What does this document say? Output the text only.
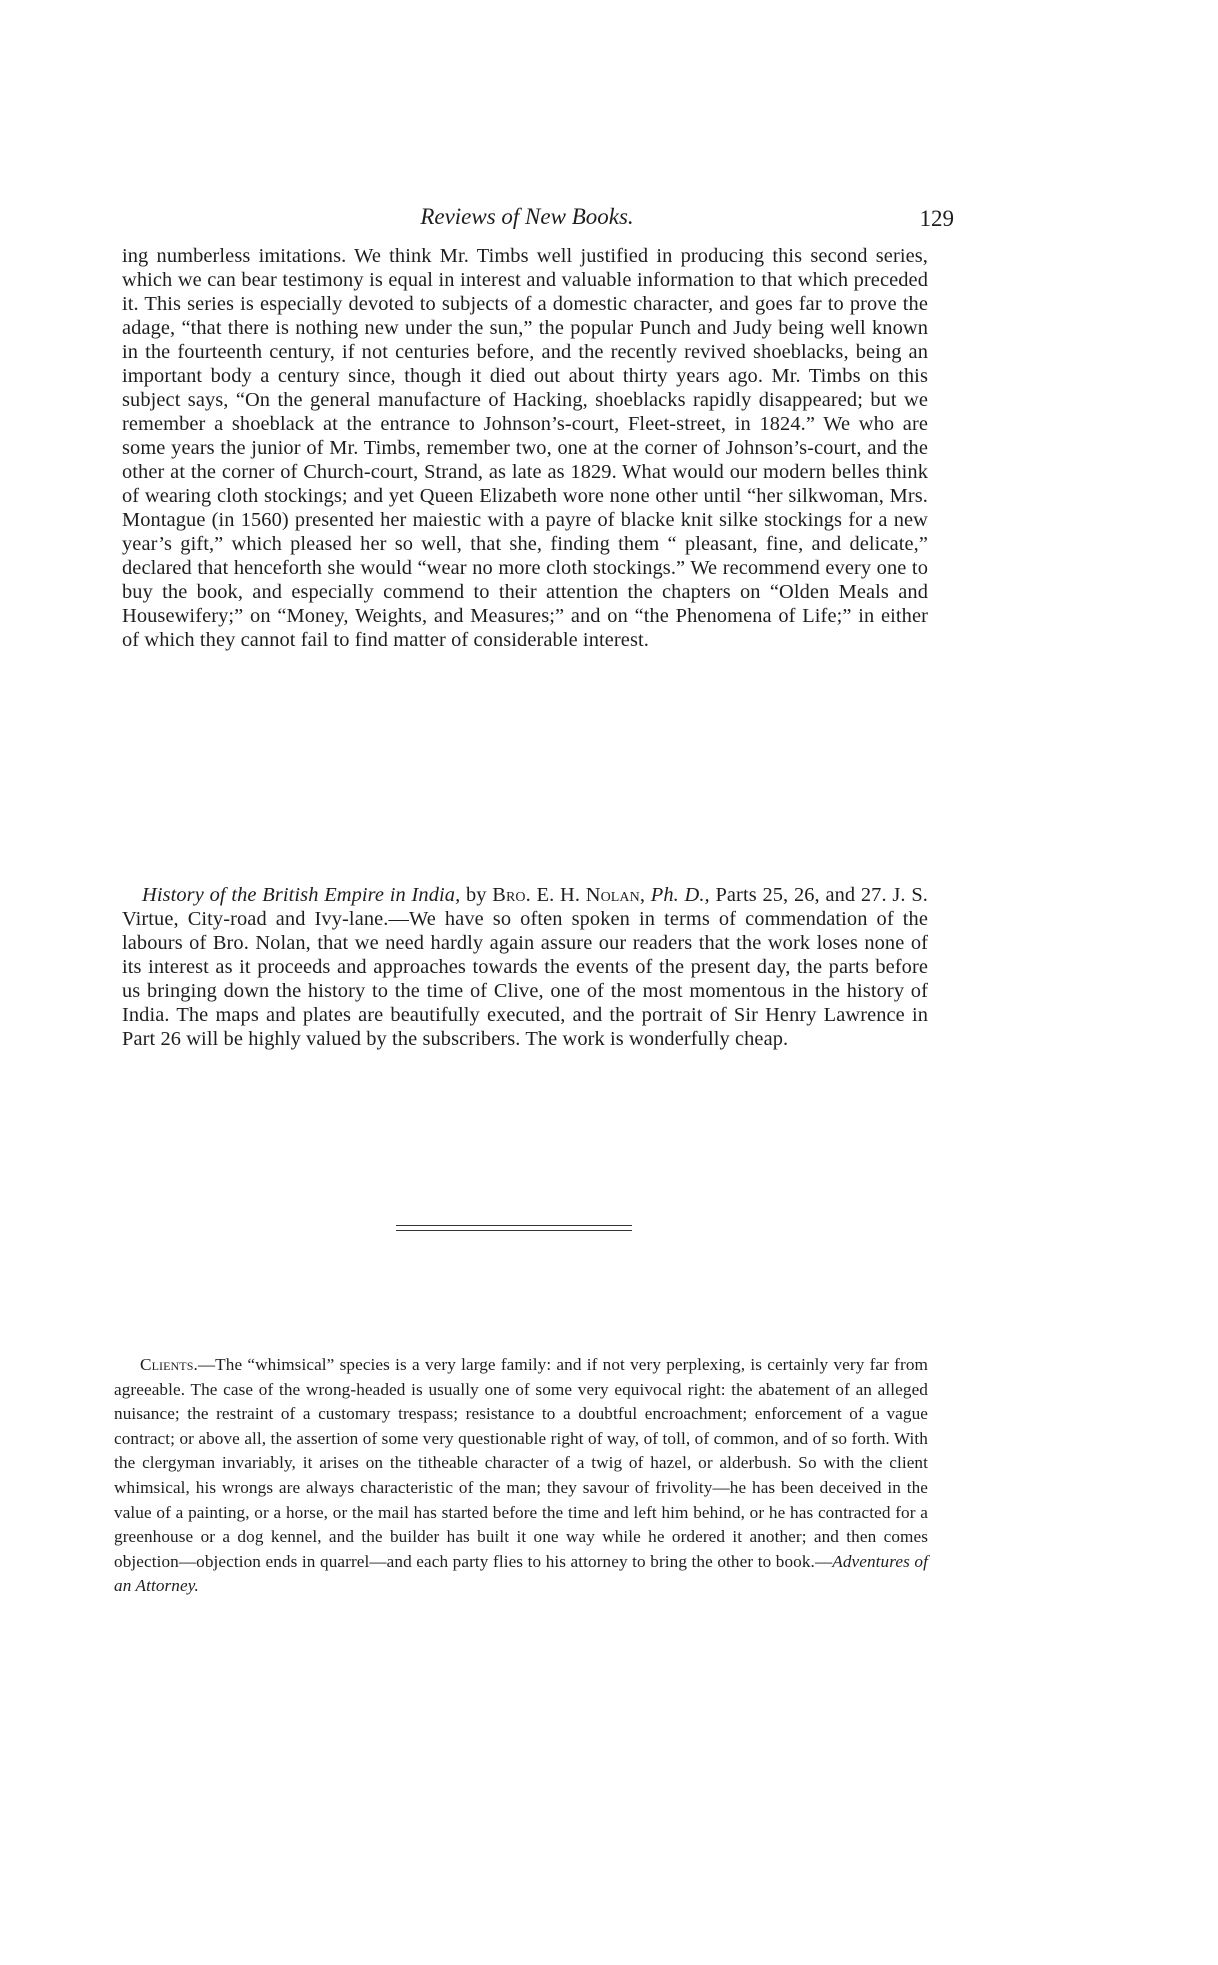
Reviews of New Books.	129
ing numberless imitations. We think Mr. Timbs well justified in producing this second series, which we can bear testimony is equal in interest and valuable information to that which preceded it. This series is especially devoted to subjects of a domestic character, and goes far to prove the adage, “that there is nothing new under the sun,” the popular Punch and Judy being well known in the fourteenth century, if not centuries before, and the recently revived shoeblacks, being an important body a century since, though it died out about thirty years ago. Mr. Timbs on this subject says, “On the general manufacture of Hacking, shoeblacks rapidly disappeared; but we remember a shoeblack at the entrance to Johnson’s-court, Fleet-street, in 1824.” We who are some years the junior of Mr. Timbs, remember two, one at the corner of Johnson’s-court, and the other at the corner of Church-court, Strand, as late as 1829. What would our modern belles think of wearing cloth stockings; and yet Queen Elizabeth wore none other until “her silkwoman, Mrs. Montague (in 1560) presented her maiestic with a payre of blacke knit silke stockings for a new year’s gift,” which pleased her so well, that she, finding them “ pleasant, fine, and delicate,” declared that henceforth she would “wear no more cloth stockings.” We recommend every one to buy the book, and especially commend to their attention the chapters on “Olden Meals and Housewifery;” on “Money, Weights, and Measures;” and on “the Phenomena of Life;” in either of which they cannot fail to find matter of considerable interest.
History of the British Empire in India, by Bro. E. H. Nolan, Ph. D., Parts 25, 26, and 27. J. S. Virtue, City-road and Ivy-lane.—We have so often spoken in terms of commendation of the labours of Bro. Nolan, that we need hardly again assure our readers that the work loses none of its interest as it proceeds and approaches towards the events of the present day, the parts before us bringing down the history to the time of Clive, one of the most momentous in the history of India. The maps and plates are beautifully executed, and the portrait of Sir Henry Lawrence in Part 26 will be highly valued by the subscribers. The work is wonderfully cheap.
Clients.—The “whimsical” species is a very large family: and if not very perplexing, is certainly very far from agreeable. The case of the wrong-headed is usually one of some very equivocal right: the abatement of an alleged nuisance; the restraint of a customary trespass; resistance to a doubtful encroachment; enforcement of a vague contract; or above all, the assertion of some very questionable right of way, of toll, of common, and of so forth. With the clergyman invariably, it arises on the titheable character of a twig of hazel, or alderbush. So with the client whimsical, his wrongs are always characteristic of the man; they savour of frivolity—he has been deceived in the value of a painting, or a horse, or the mail has started before the time and left him behind, or he has contracted for a greenhouse or a dog kennel, and the builder has built it one way while he ordered it another; and then comes objection—objection ends in quarrel—and each party flies to his attorney to bring the other to book.—Adventures of an Attorney.
